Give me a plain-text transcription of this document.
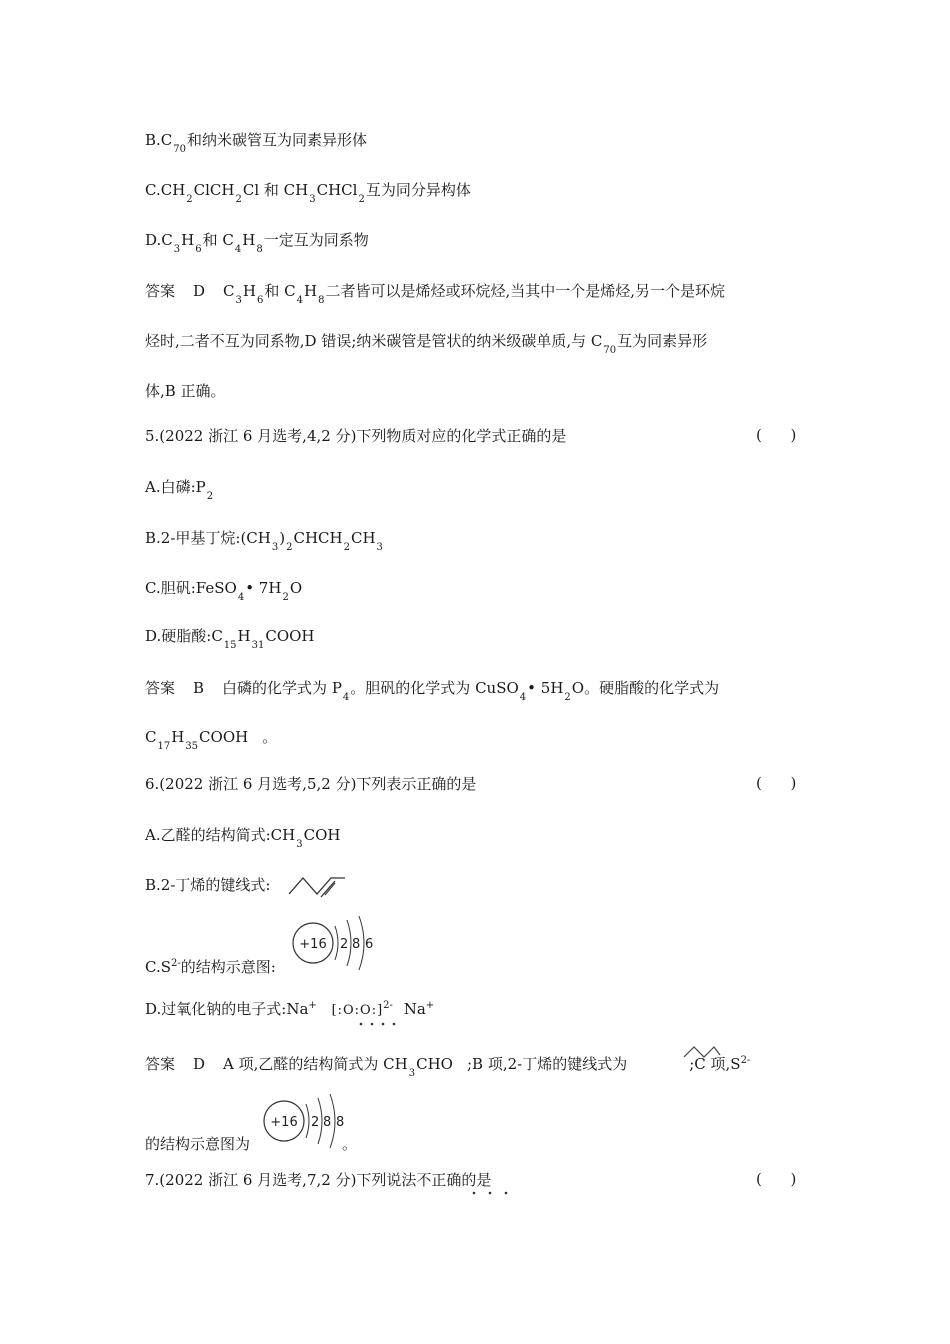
$B.C_{70}$和纳米碳管互为同素异形体
$C.CH_2ClCH_2Cl$ 和 $CH_3CHCl_2$互为同分异构体
$D.C_3H_6$和 $C_4H_8$一定互为同系物
答案 D $C_3H_6$和 $C_4H_8$二者皆可以是烯烃或环烷烃,当其中一个是烯烃,另一个是环烷
烃时,二者不互为同系物,D 错误;纳米碳管是管状的纳米级碳单质,与 $C_{70}$互为同素异形
体,B 正确。
5.(2022 浙江 6 月选考,4,2 分)下列物质对应的化学式正确的是	(      )
A.白磷$:P_2$
B.2-甲基丁烷$:(CH_3)_2CHCH_2CH_3$
C.胆矾:FeSO$_4$• $7H_2O$
D.硬脂酸$:C_{15}H_{31}COOH$
答案 B 白磷的化学式为 $P_4$。胆矾的化学式为 CuSO$_4$• $5H_2O$。硬脂酸的化学式为
$C_{17}H_{35}COOH$ 。
6.(2022 浙江 6 月选考,5,2 分)下列表示正确的是	(      )
A.乙醛的结构简式$:CH_3COH$
B.2-丁烯的键线式:
$C.S^{2-}$的结构示意图:
+16 2 8 6
D.过氧化钠的电子式:Na+ [:O:O:]$^{2-}$ Na+
答案 D A 项,乙醛的结构简式为 $CH_3CHO$ ;B 项,2-丁烯的键线式为	;C 项$,S^{2-}$
的结构示意图为	。
+16 2 8 8
7.(2022 浙江 6 月选考,7,2 分)下列说法不正确的是	(      )
